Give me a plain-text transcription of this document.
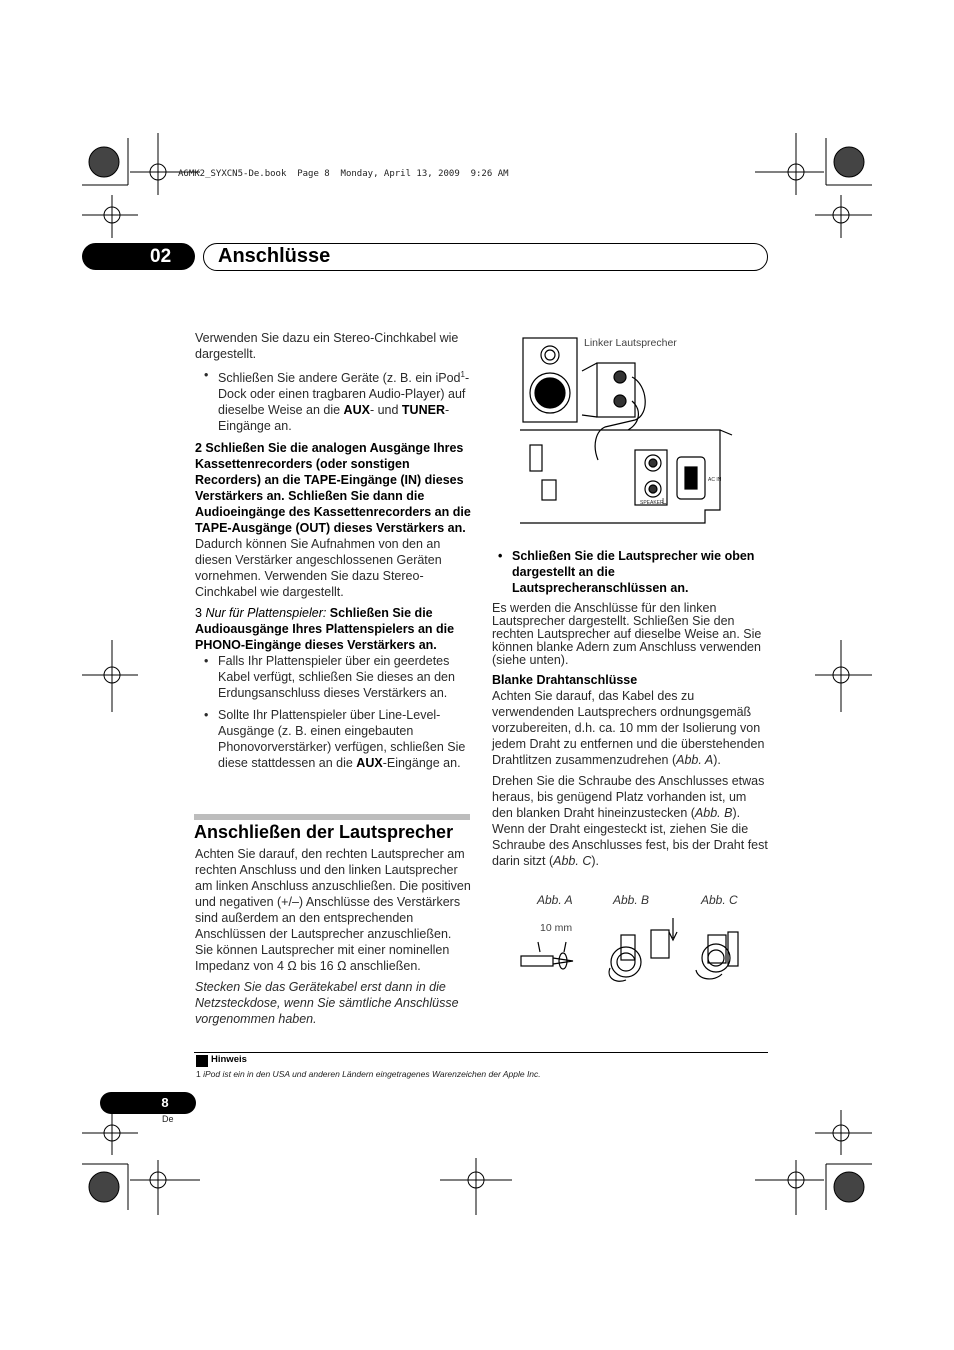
A6MK2_SYXCN5-De.book  Page 8  Monday, April 13, 2009  9:26 AM
02	Anschlüsse

Verwenden Sie dazu ein Stereo-Cinchkabel wie dargestellt.

• Schließen Sie andere Geräte (z. B. ein iPod$^1$-Dock oder einen tragbaren Audio-Player) auf dieselbe Weise an die AUX- und TUNER-Eingänge an.

2 Schließen Sie die analogen Ausgänge Ihres Kassettenrecorders (oder sonstigen Recorders) an die TAPE-Eingänge (IN) dieses Verstärkers an. Schließen Sie dann die Audioeingänge des Kassettenrecorders an die TAPE-Ausgänge (OUT) dieses Verstärkers an.

Dadurch können Sie Aufnahmen von den an diesen Verstärker angeschlossenen Geräten vornehmen. Verwenden Sie dazu Stereo-Cinchkabel wie dargestellt.

3 Nur für Plattenspieler: Schließen Sie die Audioausgänge Ihres Plattenspielers an die PHONO-Eingänge dieses Verstärkers an.

• Falls Ihr Plattenspieler über ein geerdetes Kabel verfügt, schließen Sie dieses an den Erdungsanschluss dieses Verstärkers an.
• Sollte Ihr Plattenspieler über Line-Level-Ausgänge (z. B. einen eingebauten Phonovorverstärker) verfügen, schließen Sie diese stattdessen an die AUX-Eingänge an.
Anschließen der Lautsprecher

Achten Sie darauf, den rechten Lautsprecher am rechten Anschluss und den linken Lautsprecher am linken Anschluss anzuschließen. Die positiven und negativen (+/–) Anschlüsse des Verstärkers sind außerdem an den entsprechenden Anschlüssen der Lautsprecher anzuschließen. Sie können Lautsprecher mit einer nominellen Impedanz von 4 Ω bis 16 Ω anschließen.

Stecken Sie das Gerätekabel erst dann in die Netzsteckdose, wenn Sie sämtliche Anschlüsse vorgenommen haben.

Linker Lautsprecher
SPEAKER
L
AC IN
• Schließen Sie die Lautsprecher wie oben dargestellt an die Lautsprecheranschlüssen an.

Es werden die Anschlüsse für den linken Lautsprecher dargestellt. Schließen Sie den rechten Lautsprecher auf dieselbe Weise an. Sie können blanke Adern zum Anschluss verwenden (siehe unten).

Blanke Drahtanschlüsse

Achten Sie darauf, das Kabel des zu verwendenden Lautsprechers ordnungsgemäß vorzubereiten, d.h. ca. 10 mm der Isolierung von jedem Draht zu entfernen und die überstehenden Drahtlitzen zusammenzudrehen (Abb. A).

Drehen Sie die Schraube des Anschlusses etwas heraus, bis genügend Platz vorhanden ist, um den blanken Draht hineinzustecken (Abb. B). Wenn der Draht eingesteckt ist, ziehen Sie die Schraube des Anschlusses fest, bis der Draht fest darin sitzt (Abb. C).

Abb. A	Abb. B	Abb. C
10 mm
Hinweis
1 iPod ist ein in den USA und anderen Ländern eingetragenes Warenzeichen der Apple Inc.
8
De
